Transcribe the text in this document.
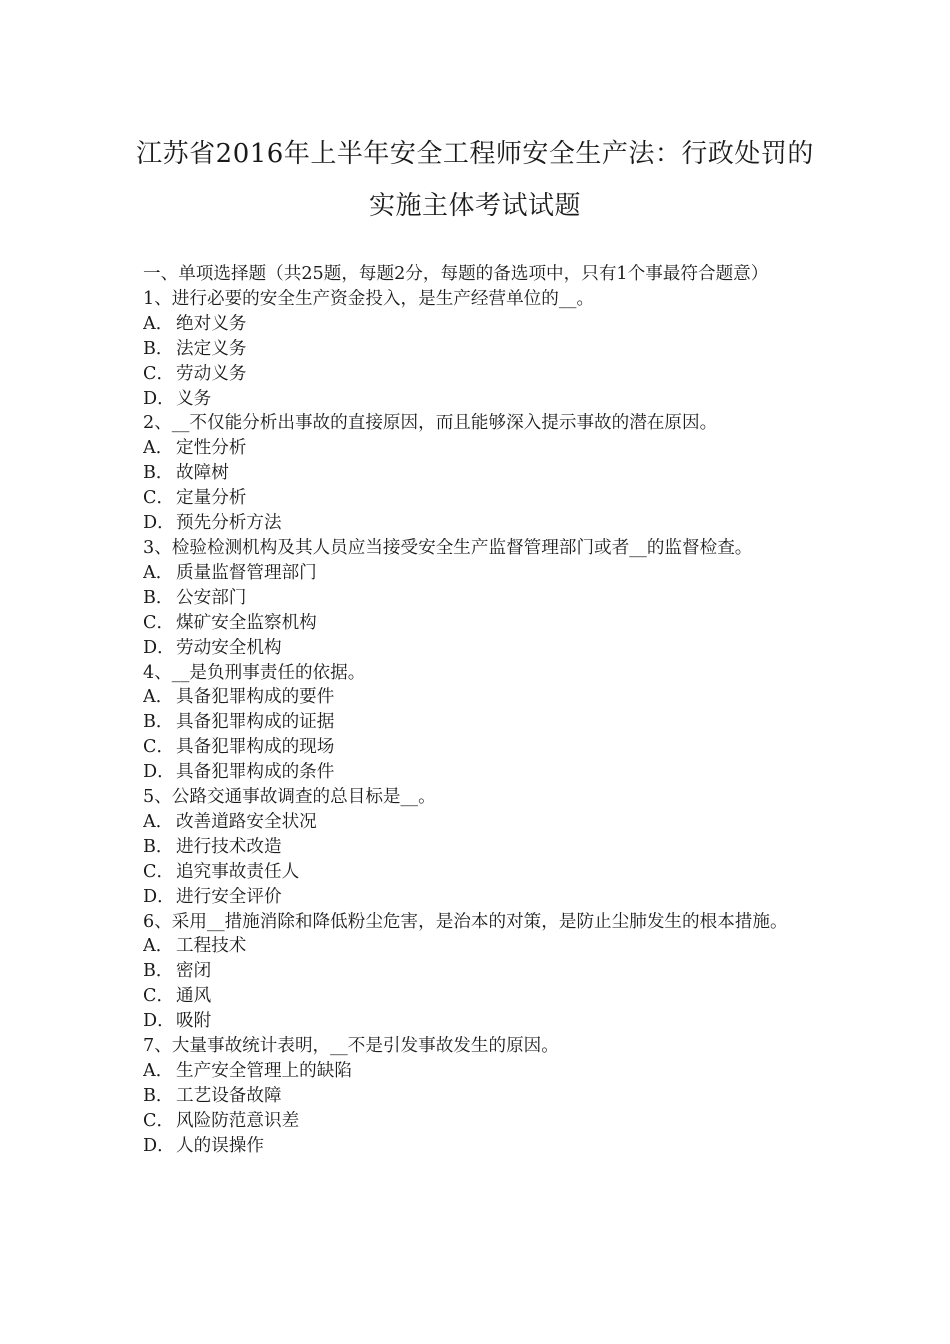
江苏省2016年上半年安全工程师安全生产法：行政处罚的
实施主体考试试题
一、单项选择题（共25题，每题2分，每题的备选项中，只有1个事最符合题意）
1、进行必要的安全生产资金投入，是生产经营单位的__。
A． 绝对义务
B． 法定义务
C． 劳动义务
D．义务
2、__不仅能分析出事故的直接原因，而且能够深入提示事故的潜在原因。
A． 定性分析
B． 故障树
C． 定量分析
D．预先分析方法
3、检验检测机构及其人员应当接受安全生产监督管理部门或者__的监督检查。
A． 质量监督管理部门
B． 公安部门
C． 煤矿安全监察机构
D．劳动安全机构
4、__是负刑事责任的依据。
A． 具备犯罪构成的要件
B． 具备犯罪构成的证据
C． 具备犯罪构成的现场
D．具备犯罪构成的条件
5、公路交通事故调查的总目标是__。
A． 改善道路安全状况
B． 进行技术改造
C． 追究事故责任人
D．进行安全评价
6、采用__措施消除和降低粉尘危害，是治本的对策，是防止尘肺发生的根本措施。
A． 工程技术
B． 密闭
C． 通风
D．吸附
7、大量事故统计表明，__不是引发事故发生的原因。
A． 生产安全管理上的缺陷
B． 工艺设备故障
C． 风险防范意识差
D．人的误操作
